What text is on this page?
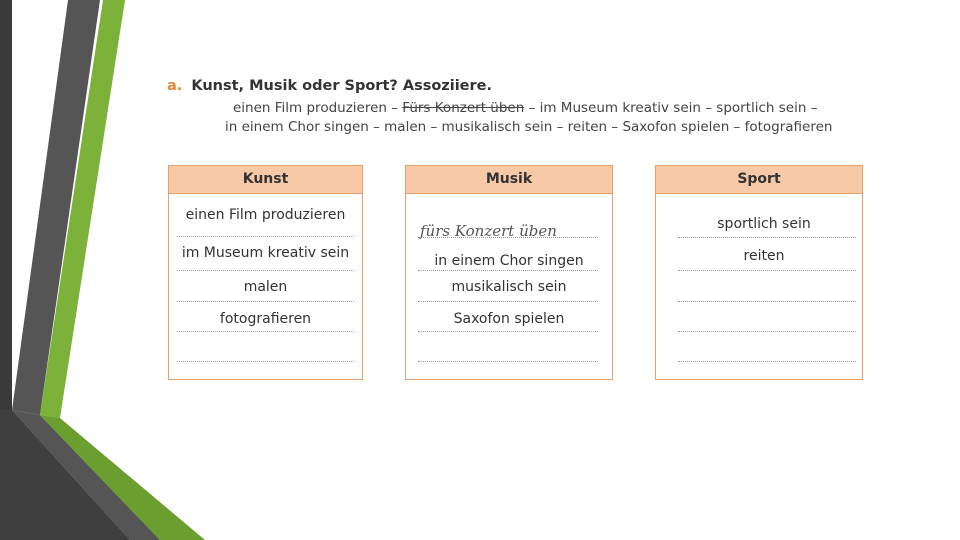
a. Kunst, Musik oder Sport? Assoziiere.
einen Film produzieren – Fürs Konzert üben – im Museum kreativ sein – sportlich sein –
in einem Chor singen – malen – musikalisch sein – reiten – Saxofon spielen – fotografieren
Kunst
einen Film produzieren
im Museum kreativ sein
malen
fotografieren
Musik
fürs Konzert üben
in einem Chor singen
musikalisch sein
Saxofon spielen
Sport
sportlich sein
reiten
